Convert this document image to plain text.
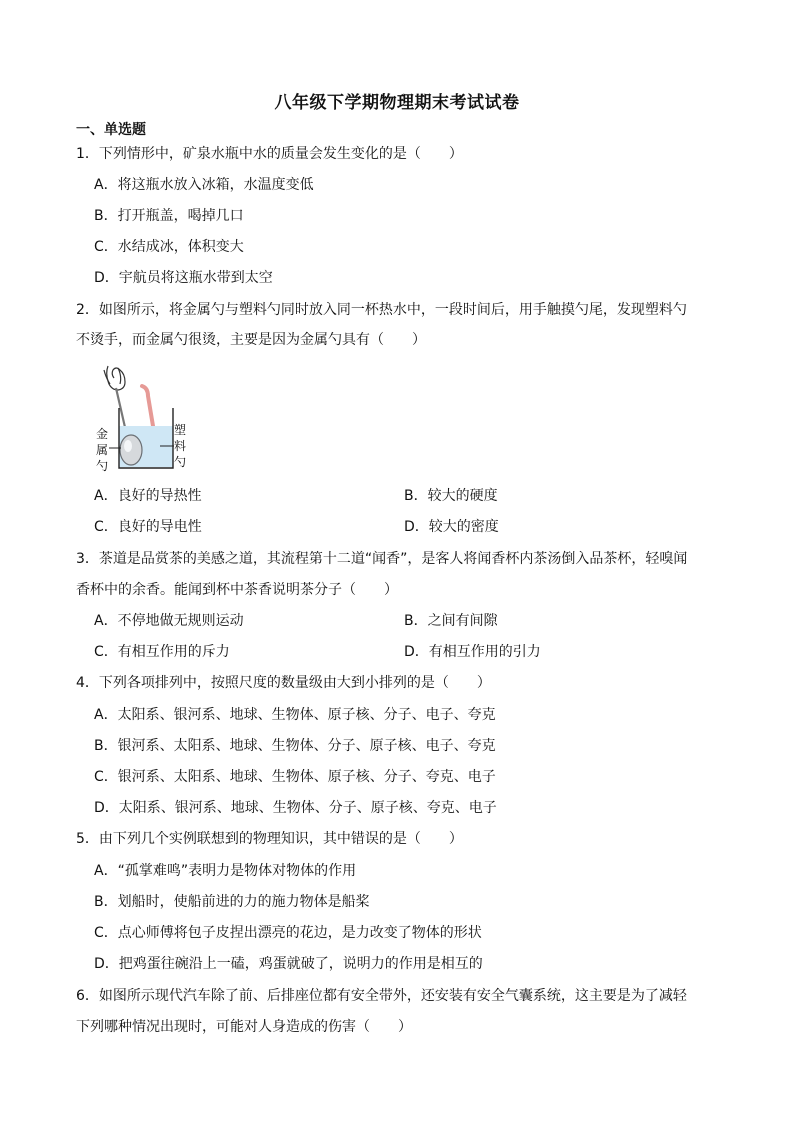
八年级下学期物理期末考试试卷
一、单选题
1．下列情形中，矿泉水瓶中水的质量会发生变化的是（　　）
A．将这瓶水放入冰箱，水温度变低
B．打开瓶盖，喝掉几口
C．水结成冰，体积变大
D．宇航员将这瓶水带到太空
2．如图所示，将金属勺与塑料勺同时放入同一杯热水中，一段时间后，用手触摸勺尾，发现塑料勺
不烫手，而金属勺很烫，主要是因为金属勺具有（　　）
金
属
勺
塑
料
勺
A．良好的导热性	B．较大的硬度
C．良好的导电性	D．较大的密度
3．茶道是品赏茶的美感之道，其流程第十二道“闻香”，是客人将闻香杯内茶汤倒入品茶杯，轻嗅闻
香杯中的余香。能闻到杯中茶香说明茶分子（　　）
A．不停地做无规则运动	B．之间有间隙
C．有相互作用的斥力	D．有相互作用的引力
4．下列各项排列中，按照尺度的数量级由大到小排列的是（　　）
A．太阳系、银河系、地球、生物体、原子核、分子、电子、夸克
B．银河系、太阳系、地球、生物体、分子、原子核、电子、夸克
C．银河系、太阳系、地球、生物体、原子核、分子、夸克、电子
D．太阳系、银河系、地球、生物体、分子、原子核、夸克、电子
5．由下列几个实例联想到的物理知识，其中错误的是（　　）
A．“孤掌难鸣”表明力是物体对物体的作用
B．划船时，使船前进的力的施力物体是船桨
C．点心师傅将包子皮捏出漂亮的花边，是力改变了物体的形状
D．把鸡蛋往碗沿上一磕，鸡蛋就破了，说明力的作用是相互的
6．如图所示现代汽车除了前、后排座位都有安全带外，还安装有安全气囊系统，这主要是为了减轻
下列哪种情况出现时，可能对人身造成的伤害（　　）
